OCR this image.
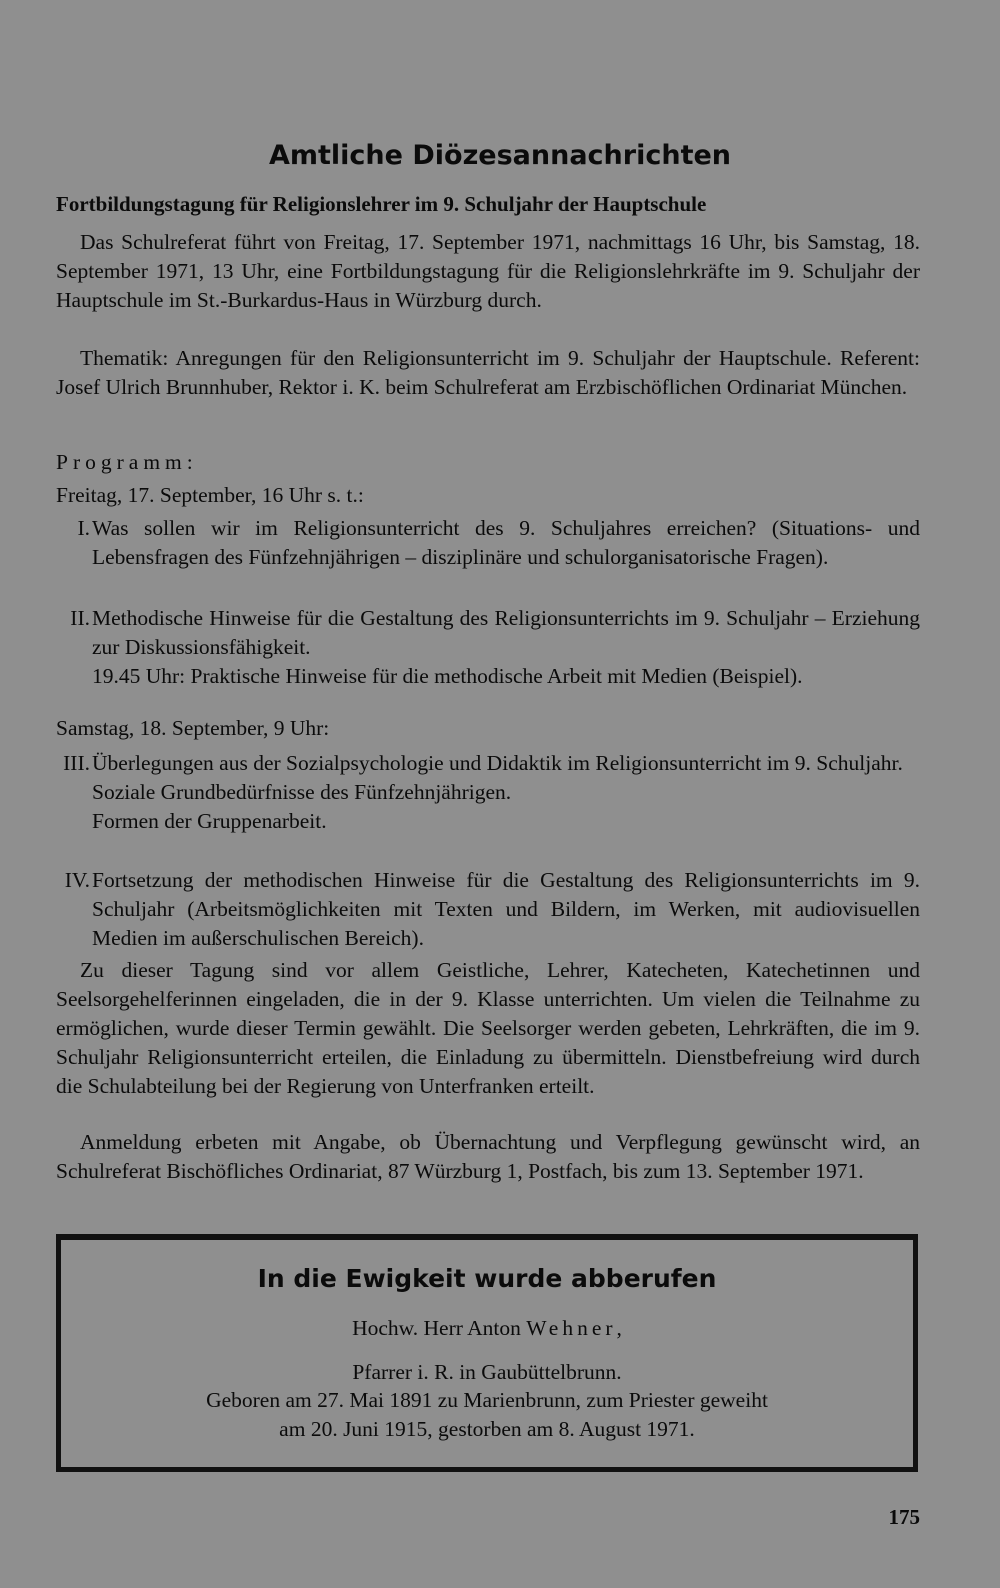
Amtliche Diözesannachrichten
Fortbildungstagung für Religionslehrer im 9. Schuljahr der Hauptschule
Das Schulreferat führt von Freitag, 17. September 1971, nachmittags 16 Uhr, bis Samstag, 18. September 1971, 13 Uhr, eine Fortbildungstagung für die Religionslehrkräfte im 9. Schuljahr der Hauptschule im St.-Burkardus-Haus in Würzburg durch.
Thematik: Anregungen für den Religionsunterricht im 9. Schuljahr der Hauptschule. Referent: Josef Ulrich Brunnhuber, Rektor i. K. beim Schulreferat am Erzbischöflichen Ordinariat München.
Programm:
Freitag, 17. September, 16 Uhr s. t.:
I. Was sollen wir im Religionsunterricht des 9. Schuljahres erreichen? (Situations- und Lebensfragen des Fünfzehnjährigen – disziplinäre und schulorganisatorische Fragen).

II. Methodische Hinweise für die Gestaltung des Religionsunterrichts im 9. Schuljahr – Erziehung zur Diskussionsfähigkeit.

19.45 Uhr: Praktische Hinweise für die methodische Arbeit mit Medien (Beispiel).

Samstag, 18. September, 9 Uhr:
III. Überlegungen aus der Sozialpsychologie und Didaktik im Religionsunterricht im 9. Schuljahr.

Soziale Grundbedürfnisse des Fünfzehnjährigen.

Formen der Gruppenarbeit.

IV. Fortsetzung der methodischen Hinweise für die Gestaltung des Religionsunterrichts im 9. Schuljahr (Arbeitsmöglichkeiten mit Texten und Bildern, im Werken, mit audiovisuellen Medien im außerschulischen Bereich).

Zu dieser Tagung sind vor allem Geistliche, Lehrer, Katecheten, Katechetinnen und Seelsorgehelferinnen eingeladen, die in der 9. Klasse unterrichten. Um vielen die Teilnahme zu ermöglichen, wurde dieser Termin gewählt. Die Seelsorger werden gebeten, Lehrkräften, die im 9. Schuljahr Religionsunterricht erteilen, die Einladung zu übermitteln. Dienstbefreiung wird durch die Schulabteilung bei der Regierung von Unterfranken erteilt.
Anmeldung erbeten mit Angabe, ob Übernachtung und Verpflegung gewünscht wird, an Schulreferat Bischöfliches Ordinariat, 87 Würzburg 1, Postfach, bis zum 13. September 1971.
In die Ewigkeit wurde abberufen
Hochw. Herr Anton Wehner,
Pfarrer i. R. in Gaubüttelbrunn.
Geboren am 27. Mai 1891 zu Marienbrunn, zum Priester geweiht
am 20. Juni 1915, gestorben am 8. August 1971.
175
